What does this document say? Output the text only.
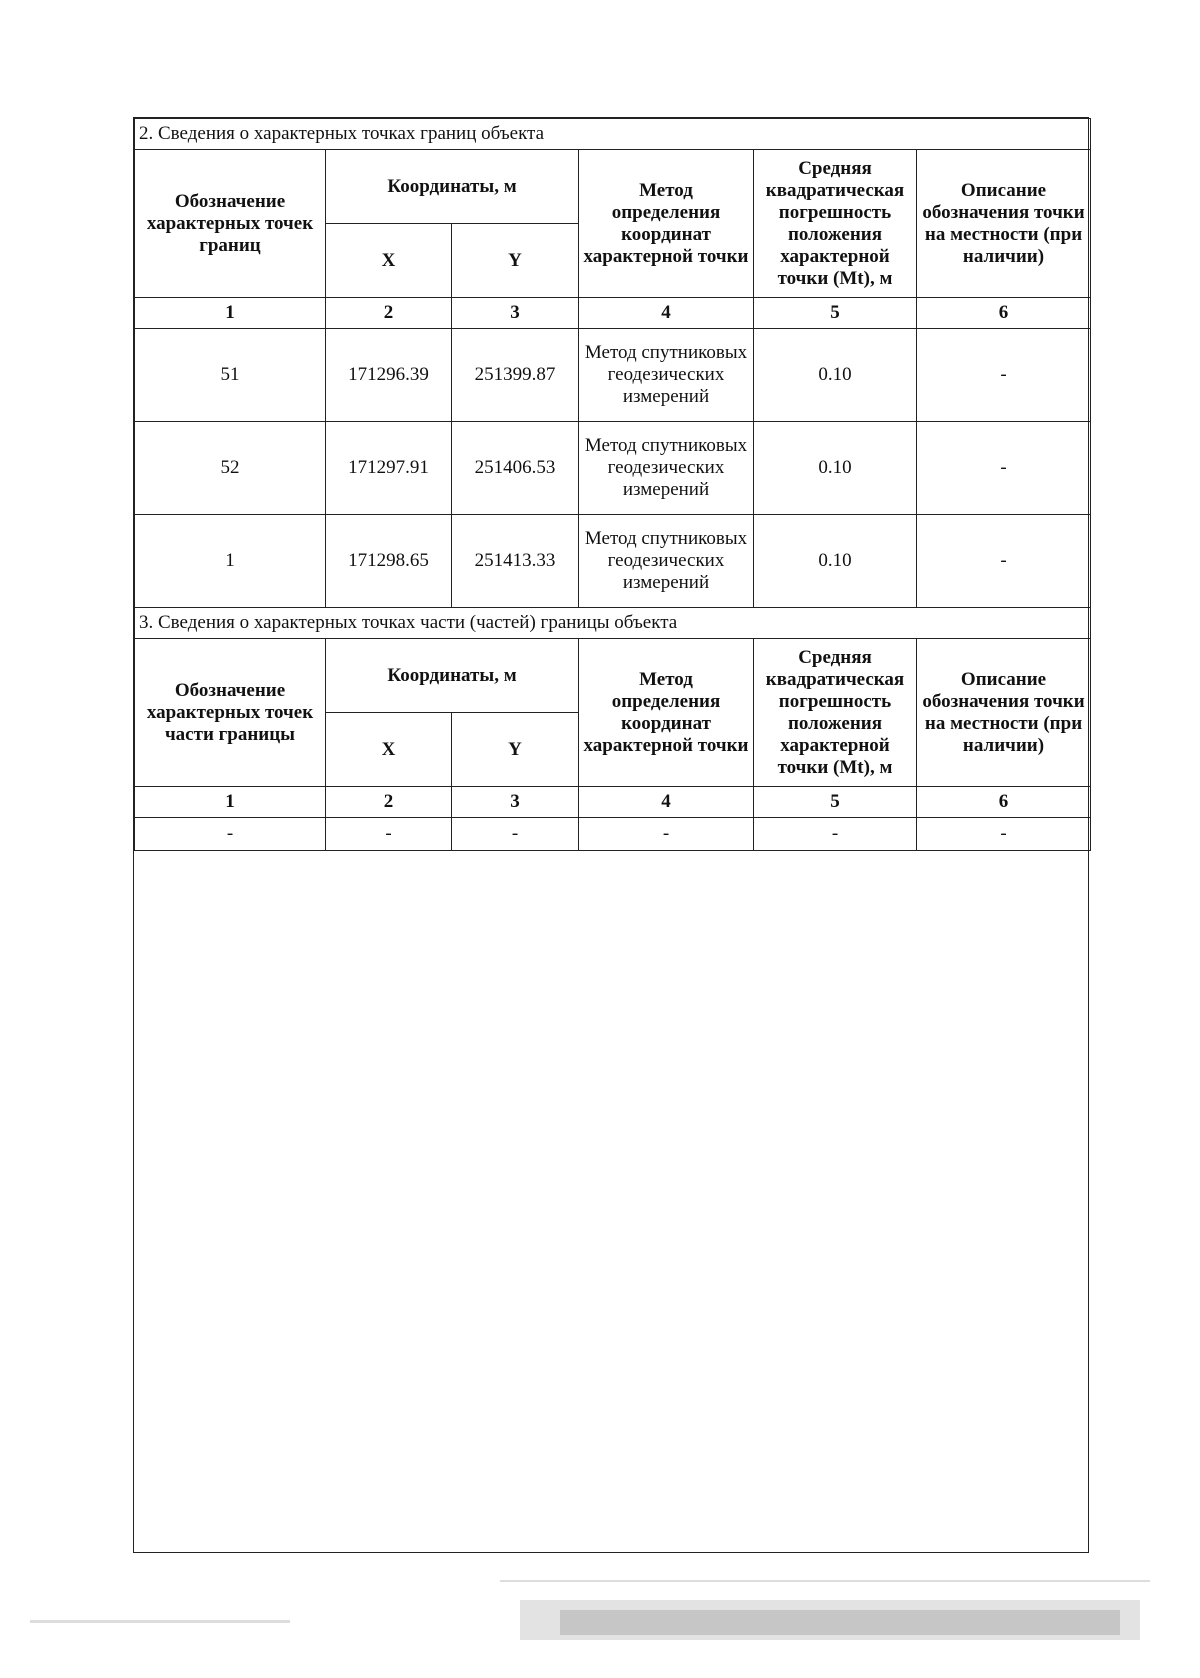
2. Сведения о характерных точках границ объекта					
Обозначение характерных точек границ	Координаты, м		Метод определения координат характерной точки	Средняя квадратическая погрешность положения характерной точки (Mt), м	Описание обозначения точки на местности (при наличии)
	X	Y			
1	2	3	4	5	6
51	171296.39	251399.87	Метод спутниковых геодезических измерений	0.10	-
52	171297.91	251406.53	Метод спутниковых геодезических измерений	0.10	-
1	171298.65	251413.33	Метод спутниковых геодезических измерений	0.10	-
3. Сведения о характерных точках части (частей) границы объекта					
Обозначение характерных точек части границы	Координаты, м		Метод определения координат характерной точки	Средняя квадратическая погрешность положения характерной точки (Mt), м	Описание обозначения точки на местности (при наличии)
	X	Y			
1	2	3	4	5	6
-	-	-	-	-	-
